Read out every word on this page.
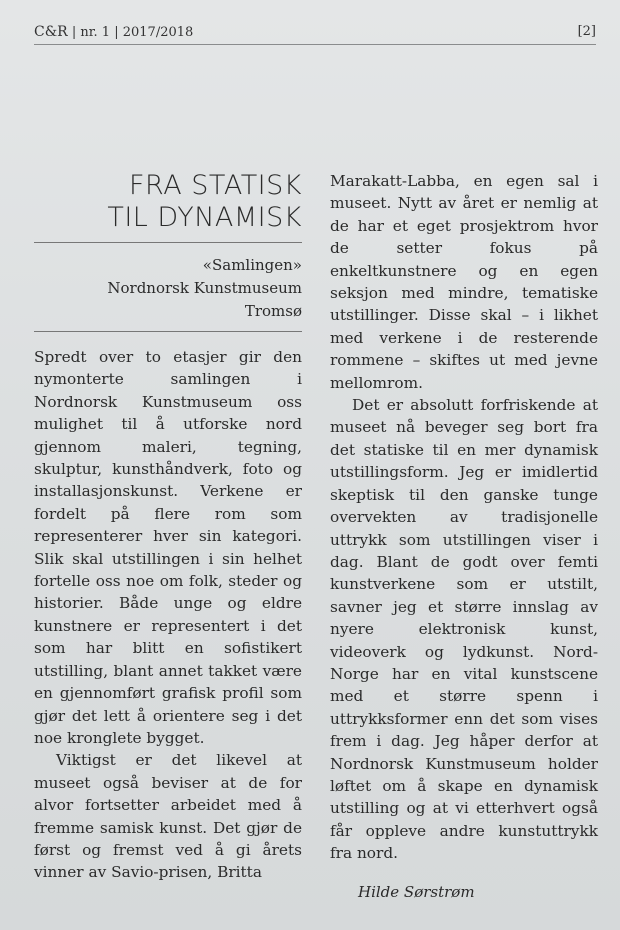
C&R | nr. 1 | 2017/2018	[2]
FRA STATISK
TIL DYNAMISK
«Samlingen»
Nordnorsk Kunstmuseum
Tromsø

Spredt over to etasjer gir den nymonterte samlingen i Nordnorsk Kunstmuseum oss mulighet til å utforske nord gjennom maleri, tegning, skulptur, kunsthåndverk, foto og installasjonskunst. Verkene er fordelt på flere rom som representerer hver sin kategori. Slik skal utstillingen i sin helhet fortelle oss noe om folk, steder og historier. Både unge og eldre kunstnere er representert i det som har blitt en sofistikert utstilling, blant annet takket være en gjennomført grafisk profil som gjør det lett å orientere seg i det noe kronglete bygget.

Viktigst er det likevel at museet også beviser at de for alvor fortsetter arbeidet med å fremme samisk kunst. Det gjør de først og fremst ved å gi årets vinner av Savio-prisen, Britta

Marakatt-Labba, en egen sal i museet. Nytt av året er nemlig at de har et eget prosjektrom hvor de setter fokus på enkeltkunstnere og en egen seksjon med mindre, tematiske utstillinger. Disse skal – i likhet med verkene i de resterende rommene – skiftes ut med jevne mellomrom.

Det er absolutt forfriskende at museet nå beveger seg bort fra det statiske til en mer dynamisk utstillingsform. Jeg er imidlertid skeptisk til den ganske tunge overvekten av tradisjonelle uttrykk som utstillingen viser i dag. Blant de godt over femti kunstverkene som er utstilt, savner jeg et større innslag av nyere elektronisk kunst, videoverk og lydkunst. Nord-Norge har en vital kunstscene med et større spenn i uttrykksformer enn det som vises frem i dag. Jeg håper derfor at Nordnorsk Kunstmuseum holder løftet om å skape en dynamisk utstilling og at vi etterhvert også får oppleve andre kunstuttrykk fra nord.

Hilde Sørstrøm
